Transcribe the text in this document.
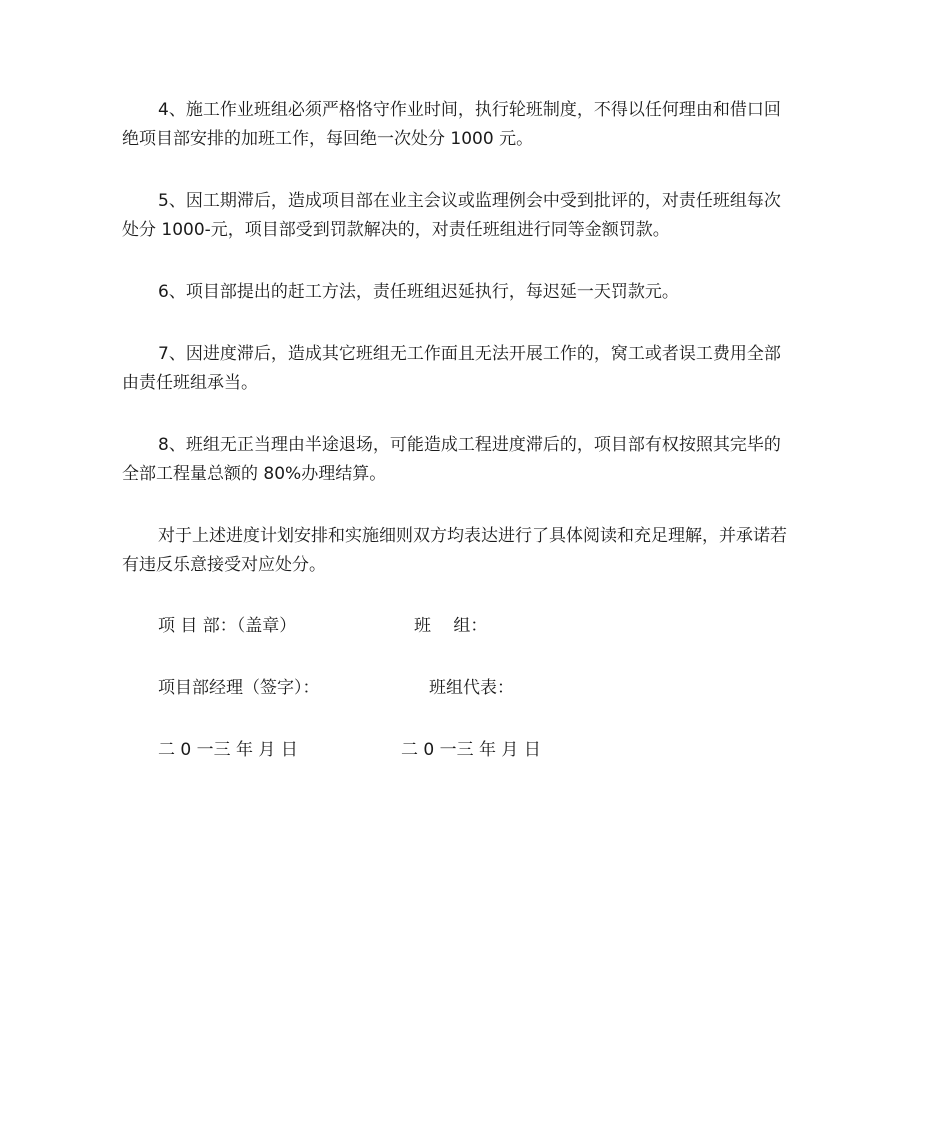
4、施工作业班组必须严格恪守作业时间，执行轮班制度，不得以任何理由和借口回
绝项目部安排的加班工作，每回绝一次处分 1000 元。

5、因工期滞后，造成项目部在业主会议或监理例会中受到批评的，对责任班组每次
处分 1000-元，项目部受到罚款解决的，对责任班组进行同等金额罚款。

6、项目部提出的赶工方法，责任班组迟延执行，每迟延一天罚款元。

7、因进度滞后，造成其它班组无工作面且无法开展工作的，窝工或者误工费用全部
由责任班组承当。

8、班组无正当理由半途退场，可能造成工程进度滞后的，项目部有权按照其完毕的
全部工程量总额的 80%办理结算。

对于上述进度计划安排和实施细则双方均表达进行了具体阅读和充足理解，并承诺若
有违反乐意接受对应处分。

项 目 部：（盖章）	班　 组：
项目部经理（签字）：	班组代表：
二 0 一三 年 月 日	二 0 一三 年 月 日
